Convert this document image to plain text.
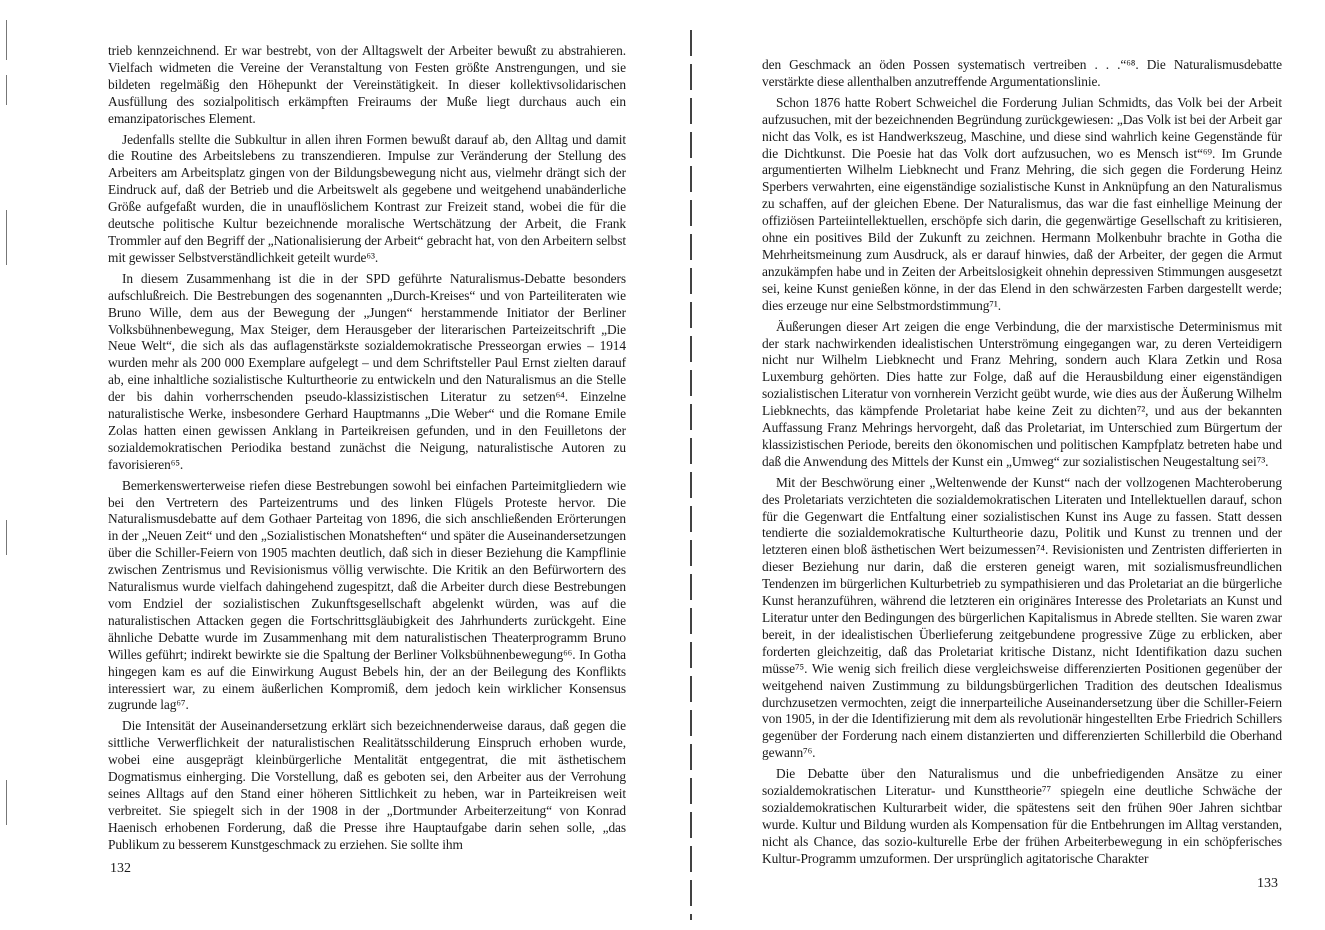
trieb kennzeichnend. Er war bestrebt, von der Alltagswelt der Arbeiter bewußt zu abstrahieren. Vielfach widmeten die Vereine der Veranstaltung von Festen größte Anstrengungen, und sie bildeten regelmäßig den Höhepunkt der Vereinstätigkeit. In dieser kollektivsolidarischen Ausfüllung des sozialpolitisch erkämpften Freiraums der Muße liegt durchaus auch ein emanzipatorisches Element.

Jedenfalls stellte die Subkultur in allen ihren Formen bewußt darauf ab, den Alltag und damit die Routine des Arbeitslebens zu transzendieren. Impulse zur Veränderung der Stellung des Arbeiters am Arbeitsplatz gingen von der Bildungsbewegung nicht aus, vielmehr drängt sich der Eindruck auf, daß der Betrieb und die Arbeitswelt als gegebene und weitgehend unabänderliche Größe aufgefaßt wurden, die in unauflöslichem Kontrast zur Freizeit stand, wobei die für die deutsche politische Kultur bezeichnende moralische Wertschätzung der Arbeit, die Frank Trommler auf den Begriff der „Nationalisierung der Arbeit“ gebracht hat, von den Arbeitern selbst mit gewisser Selbstverständlichkeit geteilt wurde⁶³.

In diesem Zusammenhang ist die in der SPD geführte Naturalismus-Debatte besonders aufschlußreich. Die Bestrebungen des sogenannten „Durch-Kreises“ und von Parteiliteraten wie Bruno Wille, dem aus der Bewegung der „Jungen“ herstammende Initiator der Berliner Volksbühnenbewegung, Max Steiger, dem Herausgeber der literarischen Parteizeitschrift „Die Neue Welt“, die sich als das auflagenstärkste sozialdemokratische Presseorgan erwies – 1914 wurden mehr als 200 000 Exemplare aufgelegt – und dem Schriftsteller Paul Ernst zielten darauf ab, eine inhaltliche sozialistische Kulturtheorie zu entwickeln und den Naturalismus an die Stelle der bis dahin vorherrschenden pseudo-klassizistischen Literatur zu setzen⁶⁴. Einzelne naturalistische Werke, insbesondere Gerhard Hauptmanns „Die Weber“ und die Romane Emile Zolas hatten einen gewissen Anklang in Parteikreisen gefunden, und in den Feuilletons der sozialdemokratischen Periodika bestand zunächst die Neigung, naturalistische Autoren zu favorisieren⁶⁵.

Bemerkenswerterweise riefen diese Bestrebungen sowohl bei einfachen Parteimitgliedern wie bei den Vertretern des Parteizentrums und des linken Flügels Proteste hervor. Die Naturalismusdebatte auf dem Gothaer Parteitag von 1896, die sich anschließenden Erörterungen in der „Neuen Zeit“ und den „Sozialistischen Monatsheften“ und später die Auseinandersetzungen über die Schiller-Feiern von 1905 machten deutlich, daß sich in dieser Beziehung die Kampflinie zwischen Zentrismus und Revisionismus völlig verwischte. Die Kritik an den Befürwortern des Naturalismus wurde vielfach dahingehend zugespitzt, daß die Arbeiter durch diese Bestrebungen vom Endziel der sozialistischen Zukunftsgesellschaft abgelenkt würden, was auf die naturalistischen Attacken gegen die Fortschrittsgläubigkeit des Jahrhunderts zurückgeht. Eine ähnliche Debatte wurde im Zusammenhang mit dem naturalistischen Theaterprogramm Bruno Willes geführt; indirekt bewirkte sie die Spaltung der Berliner Volksbühnenbewegung⁶⁶. In Gotha hingegen kam es auf die Einwirkung August Bebels hin, der an der Beilegung des Konflikts interessiert war, zu einem äußerlichen Kompromiß, dem jedoch kein wirklicher Konsensus zugrunde lag⁶⁷.

Die Intensität der Auseinandersetzung erklärt sich bezeichnenderweise daraus, daß gegen die sittliche Verwerflichkeit der naturalistischen Realitätsschilderung Einspruch erhoben wurde, wobei eine ausgeprägt kleinbürgerliche Mentalität entgegentrat, die mit ästhetischem Dogmatismus einherging. Die Vorstellung, daß es geboten sei, den Arbeiter aus der Verrohung seines Alltags auf den Stand einer höheren Sittlichkeit zu heben, war in Parteikreisen weit verbreitet. Sie spiegelt sich in der 1908 in der „Dortmunder Arbeiterzeitung“ von Konrad Haenisch erhobenen Forderung, daß die Presse ihre Hauptaufgabe darin sehen solle, „das Publikum zu besserem Kunstgeschmack zu erziehen. Sie sollte ihm

132

den Geschmack an öden Possen systematisch vertreiben . . .“⁶⁸. Die Naturalismusdebatte verstärkte diese allenthalben anzutreffende Argumentationslinie.

Schon 1876 hatte Robert Schweichel die Forderung Julian Schmidts, das Volk bei der Arbeit aufzusuchen, mit der bezeichnenden Begründung zurückgewiesen: „Das Volk ist bei der Arbeit gar nicht das Volk, es ist Handwerkszeug, Maschine, und diese sind wahrlich keine Gegenstände für die Dichtkunst. Die Poesie hat das Volk dort aufzusuchen, wo es Mensch ist“⁶⁹. Im Grunde argumentierten Wilhelm Liebknecht und Franz Mehring, die sich gegen die Forderung Heinz Sperbers verwahrten, eine eigenständige sozialistische Kunst in Anknüpfung an den Naturalismus zu schaffen, auf der gleichen Ebene. Der Naturalismus, das war die fast einhellige Meinung der offiziösen Parteiintellektuellen, erschöpfe sich darin, die gegenwärtige Gesellschaft zu kritisieren, ohne ein positives Bild der Zukunft zu zeichnen. Hermann Molkenbuhr brachte in Gotha die Mehrheitsmeinung zum Ausdruck, als er darauf hinwies, daß der Arbeiter, der gegen die Armut anzukämpfen habe und in Zeiten der Arbeitslosigkeit ohnehin depressiven Stimmungen ausgesetzt sei, keine Kunst genießen könne, in der das Elend in den schwärzesten Farben dargestellt werde; dies erzeuge nur eine Selbstmordstimmung⁷¹.

Äußerungen dieser Art zeigen die enge Verbindung, die der marxistische Determinismus mit der stark nachwirkenden idealistischen Unterströmung eingegangen war, zu deren Verteidigern nicht nur Wilhelm Liebknecht und Franz Mehring, sondern auch Klara Zetkin und Rosa Luxemburg gehörten. Dies hatte zur Folge, daß auf die Herausbildung einer eigenständigen sozialistischen Literatur von vornherein Verzicht geübt wurde, wie dies aus der Äußerung Wilhelm Liebknechts, das kämpfende Proletariat habe keine Zeit zu dichten⁷², und aus der bekannten Auffassung Franz Mehrings hervorgeht, daß das Proletariat, im Unterschied zum Bürgertum der klassizistischen Periode, bereits den ökonomischen und politischen Kampfplatz betreten habe und daß die Anwendung des Mittels der Kunst ein „Umweg“ zur sozialistischen Neugestaltung sei⁷³.

Mit der Beschwörung einer „Weltenwende der Kunst“ nach der vollzogenen Machterоberung des Proletariats verzichteten die sozialdemokratischen Literaten und Intellektuellen darauf, schon für die Gegenwart die Entfaltung einer sozialistischen Kunst ins Auge zu fassen. Statt dessen tendierte die sozialdemokratische Kulturtheorie dazu, Politik und Kunst zu trennen und der letzteren einen bloß ästhetischen Wert beizumessen⁷⁴. Revisionisten und Zentristen differierten in dieser Beziehung nur darin, daß die ersteren geneigt waren, mit sozialismusfreundlichen Tendenzen im bürgerlichen Kulturbetrieb zu sympathisieren und das Proletariat an die bürgerliche Kunst heranzuführen, während die letzteren ein originäres Interesse des Proletariats an Kunst und Literatur unter den Bedingungen des bürgerlichen Kapitalismus in Abrede stellten. Sie waren zwar bereit, in der idealistischen Überlieferung zeitgebundene progressive Züge zu erblicken, aber forderten gleichzeitig, daß das Proletariat kritische Distanz, nicht Identifikation dazu suchen müsse⁷⁵. Wie wenig sich freilich diese vergleichsweise differenzierten Positionen gegenüber der weitgehend naiven Zustimmung zu bildungsbürgerlichen Tradition des deutschen Idealismus durchzusetzen vermochten, zeigt die innerparteiliche Auseinandersetzung über die Schiller-Feiern von 1905, in der die Identifizierung mit dem als revolutionär hingestellten Erbe Friedrich Schillers gegenüber der Forderung nach einem distanzierten und differenzierten Schillerbild die Oberhand gewann⁷⁶.

Die Debatte über den Naturalismus und die unbefriedigenden Ansätze zu einer sozialdemokratischen Literatur- und Kunsttheorie⁷⁷ spiegeln eine deutliche Schwäche der sozialdemokratischen Kulturarbeit wider, die spätestens seit den frühen 90er Jahren sichtbar wurde. Kultur und Bildung wurden als Kompensation für die Entbehrungen im Alltag verstanden, nicht als Chance, das sozio-kulturelle Erbe der frühen Arbeiterbewegung in ein schöpferisches Kultur-Programm umzuformen. Der ursprünglich agitatorische Charakter

133
